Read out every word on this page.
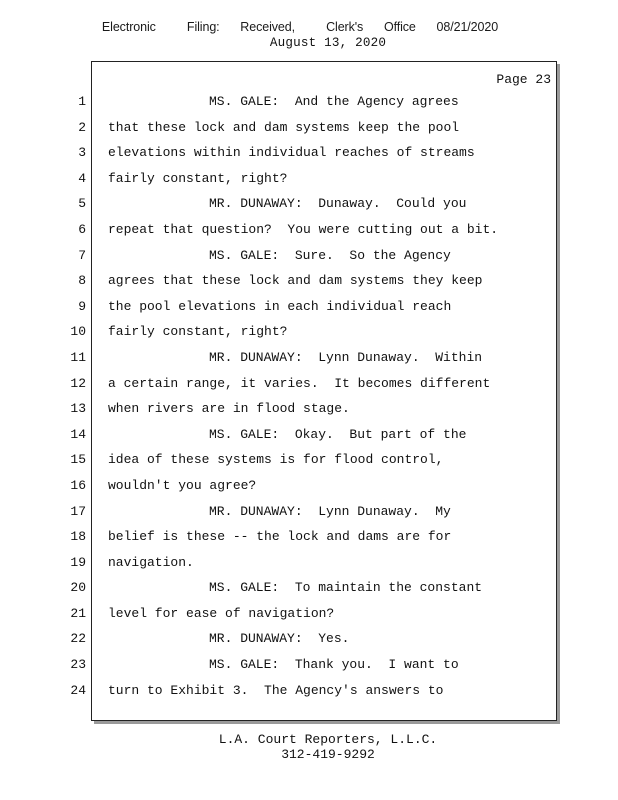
Electronic   Filing:  Received,   Clerk's  Office  08/21/2020
August 13, 2020
Page 23
1
2
3
4
5
6
7
8
9
10
11
12
13
14
15
16
17
18
19
20
21
22
23
24
MS. GALE:  And the Agency agrees
that these lock and dam systems keep the pool
elevations within individual reaches of streams
fairly constant, right?
MR. DUNAWAY:  Dunaway.  Could you
repeat that question?  You were cutting out a bit.
MS. GALE:  Sure.  So the Agency
agrees that these lock and dam systems they keep
the pool elevations in each individual reach
fairly constant, right?
MR. DUNAWAY:  Lynn Dunaway.  Within
a certain range, it varies.  It becomes different
when rivers are in flood stage.
MS. GALE:  Okay.  But part of the
idea of these systems is for flood control,
wouldn't you agree?
MR. DUNAWAY:  Lynn Dunaway.  My
belief is these -- the lock and dams are for
navigation.
MS. GALE:  To maintain the constant
level for ease of navigation?
MR. DUNAWAY:  Yes.
MS. GALE:  Thank you.  I want to
turn to Exhibit 3.  The Agency's answers to
L.A. Court Reporters, L.L.C.
312-419-9292
